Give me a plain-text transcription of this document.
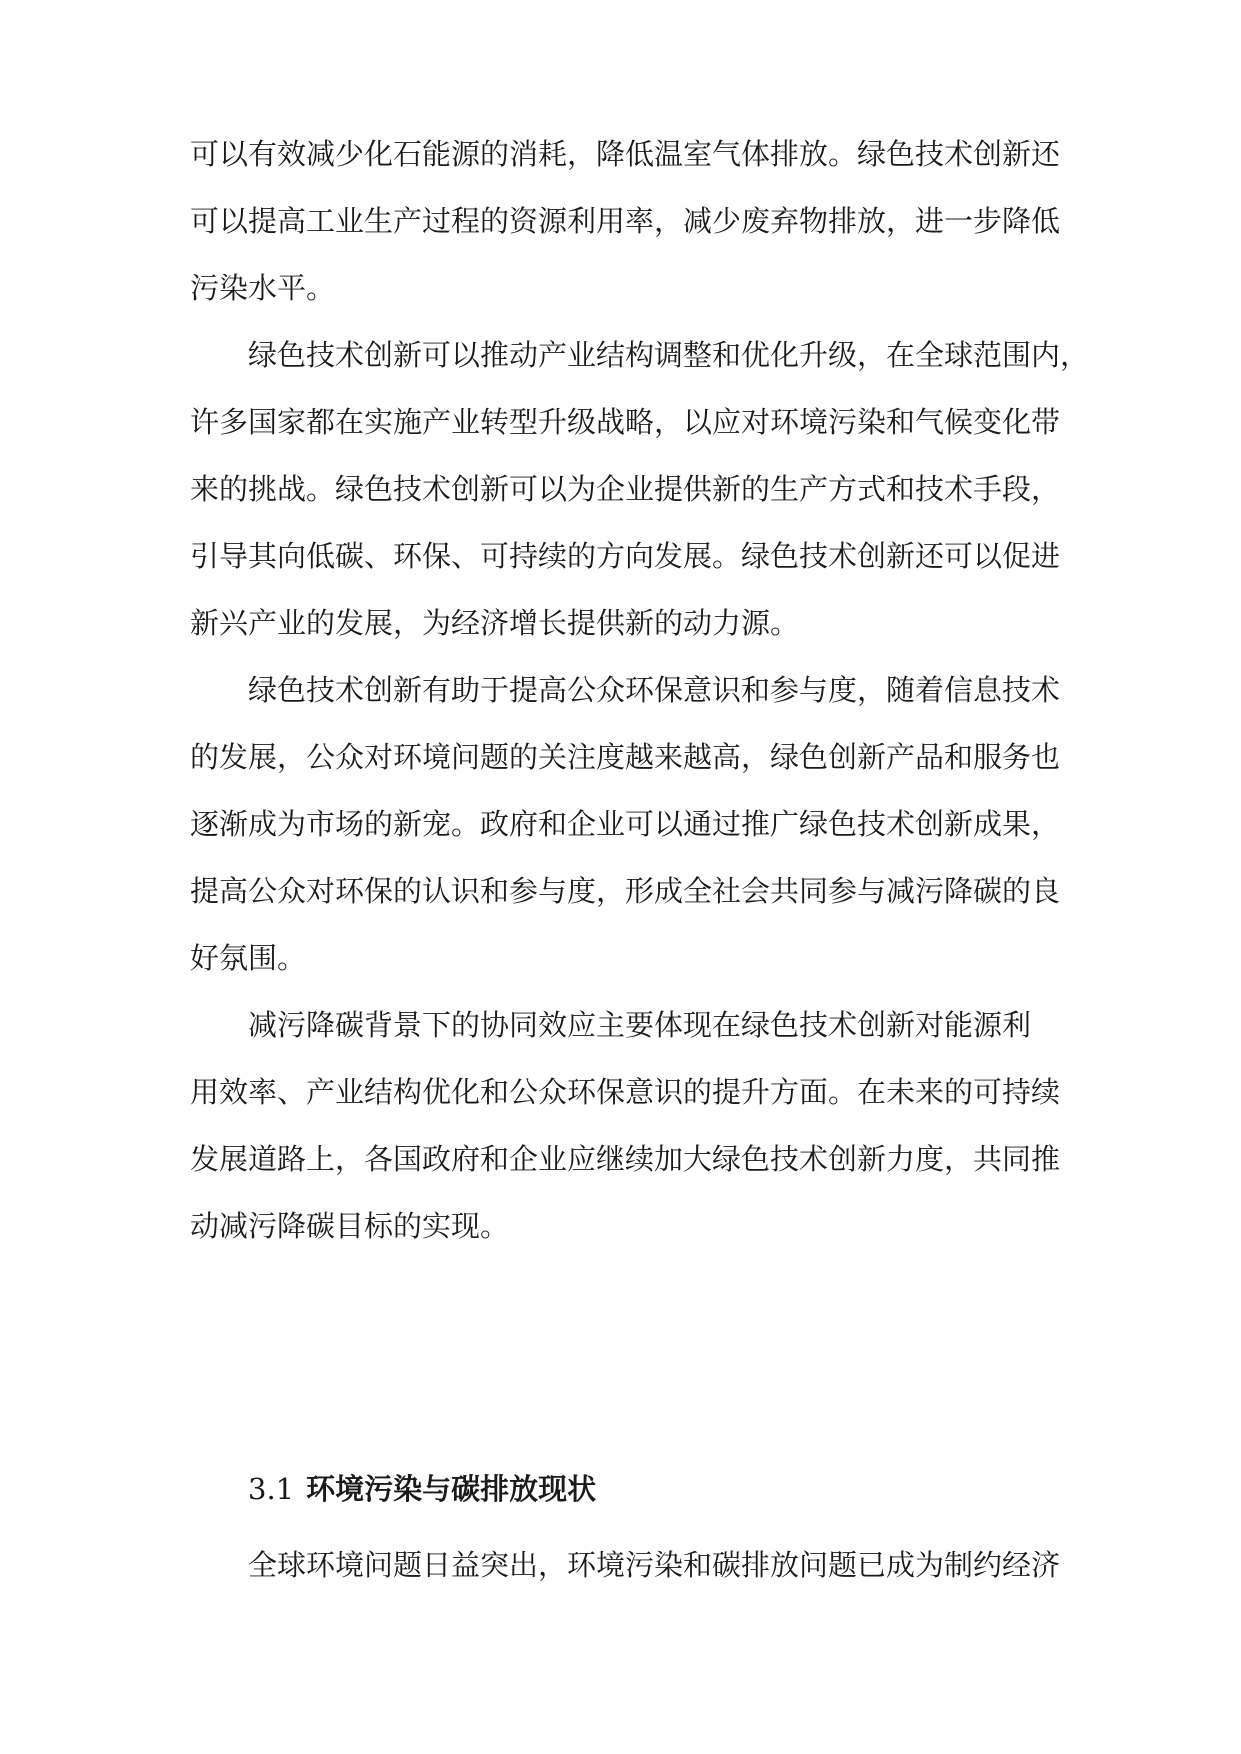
可以有效减少化石能源的消耗，降低温室气体排放。绿色技术创新还
可以提高工业生产过程的资源利用率，减少废弃物排放，进一步降低
污染水平。
绿色技术创新可以推动产业结构调整和优化升级，在全球范围内，
许多国家都在实施产业转型升级战略，以应对环境污染和气候变化带
来的挑战。绿色技术创新可以为企业提供新的生产方式和技术手段，
引导其向低碳、环保、可持续的方向发展。绿色技术创新还可以促进
新兴产业的发展，为经济增长提供新的动力源。
绿色技术创新有助于提高公众环保意识和参与度，随着信息技术
的发展，公众对环境问题的关注度越来越高，绿色创新产品和服务也
逐渐成为市场的新宠。政府和企业可以通过推广绿色技术创新成果，
提高公众对环保的认识和参与度，形成全社会共同参与减污降碳的良
好氛围。
减污降碳背景下的协同效应主要体现在绿色技术创新对能源利
用效率、产业结构优化和公众环保意识的提升方面。在未来的可持续
发展道路上，各国政府和企业应继续加大绿色技术创新力度，共同推
动减污降碳目标的实现。
3.1 环境污染与碳排放现状
全球环境问题日益突出，环境污染和碳排放问题已成为制约经济
